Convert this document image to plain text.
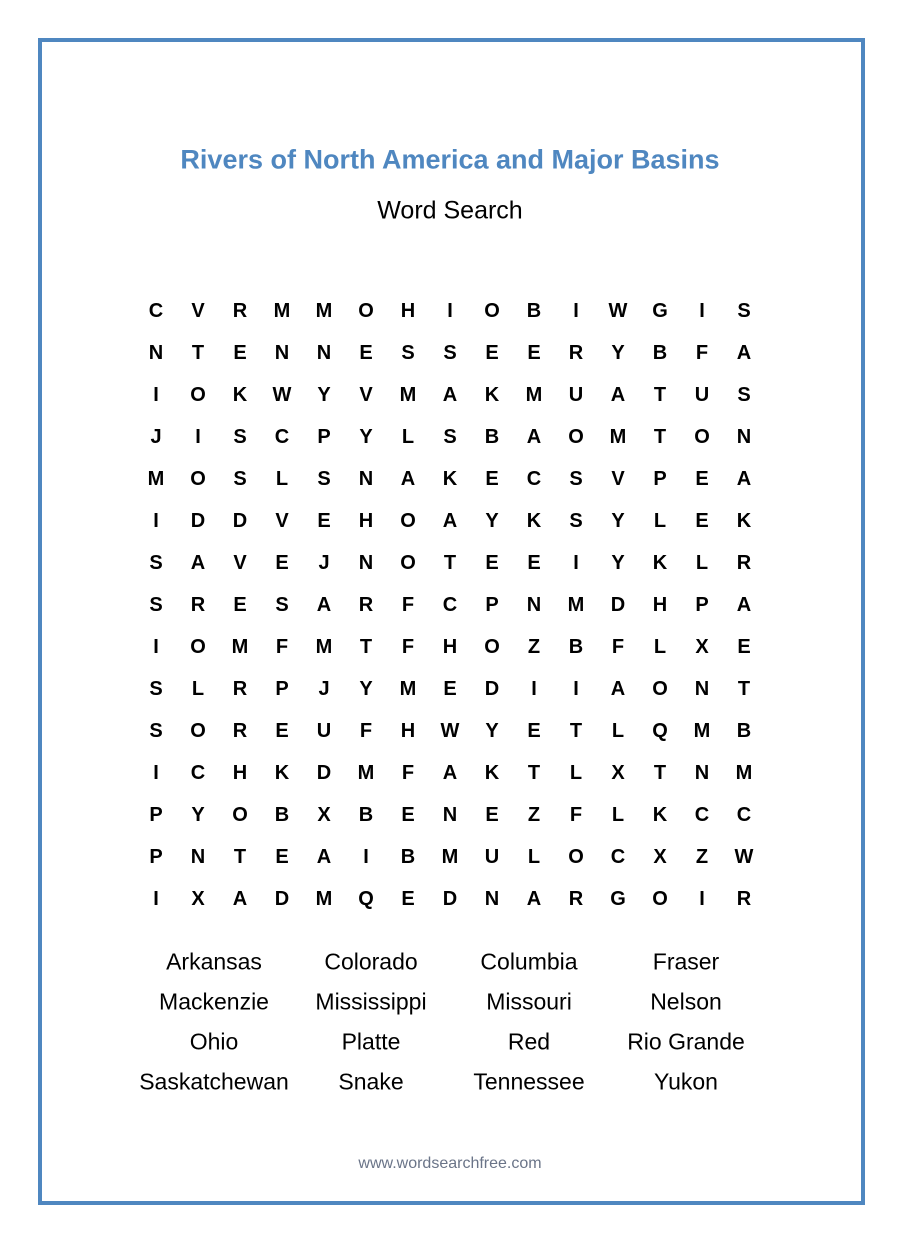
Rivers of North America and Major Basins
Word Search
C	V	R	M	M	O	H	I	O	B	I	W	G	I	S
N	T	E	N	N	E	S	S	E	E	R	Y	B	F	A
I	O	K	W	Y	V	M	A	K	M	U	A	T	U	S
J	I	S	C	P	Y	L	S	B	A	O	M	T	O	N
M	O	S	L	S	N	A	K	E	C	S	V	P	E	A
I	D	D	V	E	H	O	A	Y	K	S	Y	L	E	K
S	A	V	E	J	N	O	T	E	E	I	Y	K	L	R
S	R	E	S	A	R	F	C	P	N	M	D	H	P	A
I	O	M	F	M	T	F	H	O	Z	B	F	L	X	E
S	L	R	P	J	Y	M	E	D	I	I	A	O	N	T
S	O	R	E	U	F	H	W	Y	E	T	L	Q	M	B
I	C	H	K	D	M	F	A	K	T	L	X	T	N	M
P	Y	O	B	X	B	E	N	E	Z	F	L	K	C	C
P	N	T	E	A	I	B	M	U	L	O	C	X	Z	W
I	X	A	D	M	Q	E	D	N	A	R	G	O	I	R
Arkansas	Colorado	Columbia	Fraser
Mackenzie	Mississippi	Missouri	Nelson
Ohio	Platte	Red	Rio Grande
Saskatchewan	Snake	Tennessee	Yukon
www.wordsearchfree.com
